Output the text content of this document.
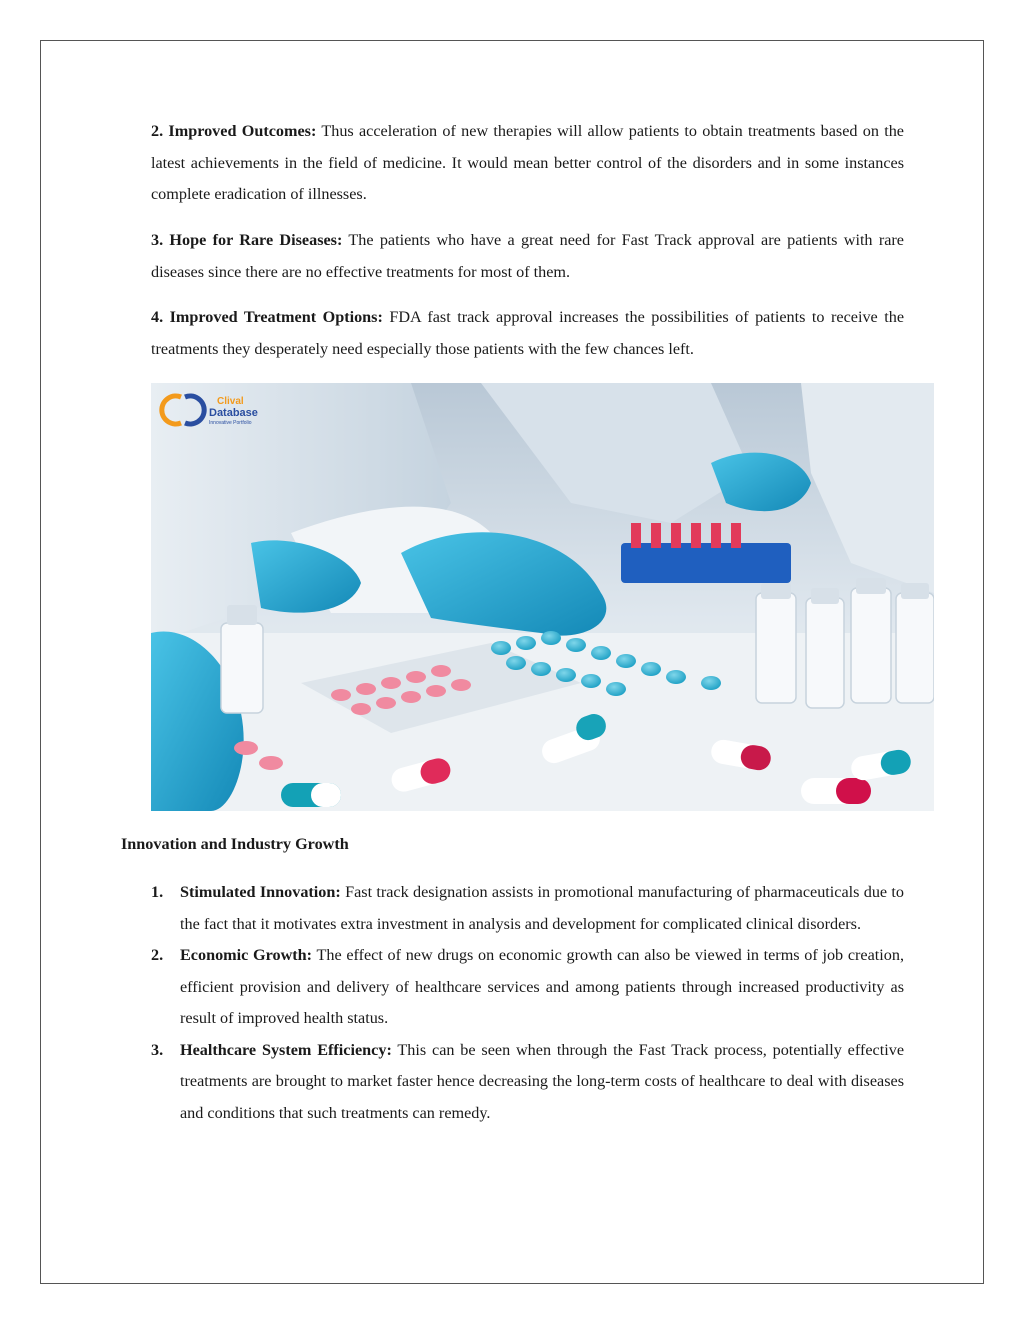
2. Improved Outcomes: Thus acceleration of new therapies will allow patients to obtain treatments based on the latest achievements in the field of medicine. It would mean better control of the disorders and in some instances complete eradication of illnesses.

3. Hope for Rare Diseases: The patients who have a great need for Fast Track approval are patients with rare diseases since there are no effective treatments for most of them.

4. Improved Treatment Options: FDA fast track approval increases the possibilities of patients to receive the treatments they desperately need especially those patients with the few chances left.

Clival
Database
Innovative Portfolio
Innovation and Industry Growth
1. Stimulated Innovation: Fast track designation assists in promotional manufacturing of pharmaceuticals due to the fact that it motivates extra investment in analysis and development for complicated clinical disorders.
2. Economic Growth: The effect of new drugs on economic growth can also be viewed in terms of job creation, efficient provision and delivery of healthcare services and among patients through increased productivity as result of improved health status.
3. Healthcare System Efficiency: This can be seen when through the Fast Track process, potentially effective treatments are brought to market faster hence decreasing the long-term costs of healthcare to deal with diseases and conditions that such treatments can remedy.
